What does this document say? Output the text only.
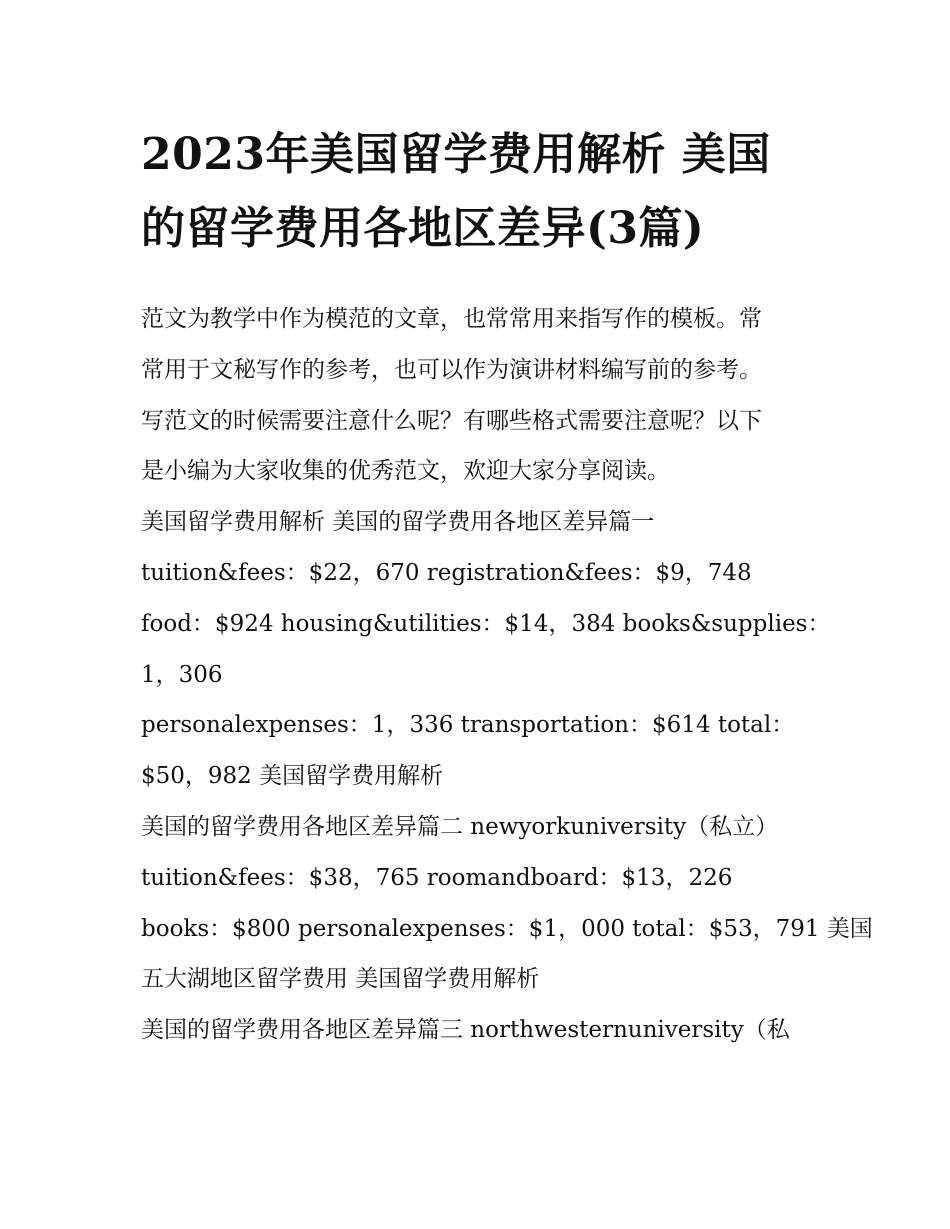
2023年美国留学费用解析 美国的留学费用各地区差异(3篇)
范文为教学中作为模范的文章，也常常用来指写作的模板。常
常用于文秘写作的参考，也可以作为演讲材料编写前的参考。
写范文的时候需要注意什么呢？有哪些格式需要注意呢？以下
是小编为大家收集的优秀范文，欢迎大家分享阅读。
美国留学费用解析 美国的留学费用各地区差异篇一
tuition&fees：$22，670 registration&fees：$9，748
food：$924 housing&utilities：$14，384 books&supplies：
1，306
personalexpenses：1，336 transportation：$614 total：
$50，982 美国留学费用解析
美国的留学费用各地区差异篇二 newyorkuniversity（私立）
tuition&fees：$38，765 roomandboard：$13，226
books：$800 personalexpenses：$1，000 total：$53，791 美国
五大湖地区留学费用 美国留学费用解析
美国的留学费用各地区差异篇三 northwesternuniversity（私
